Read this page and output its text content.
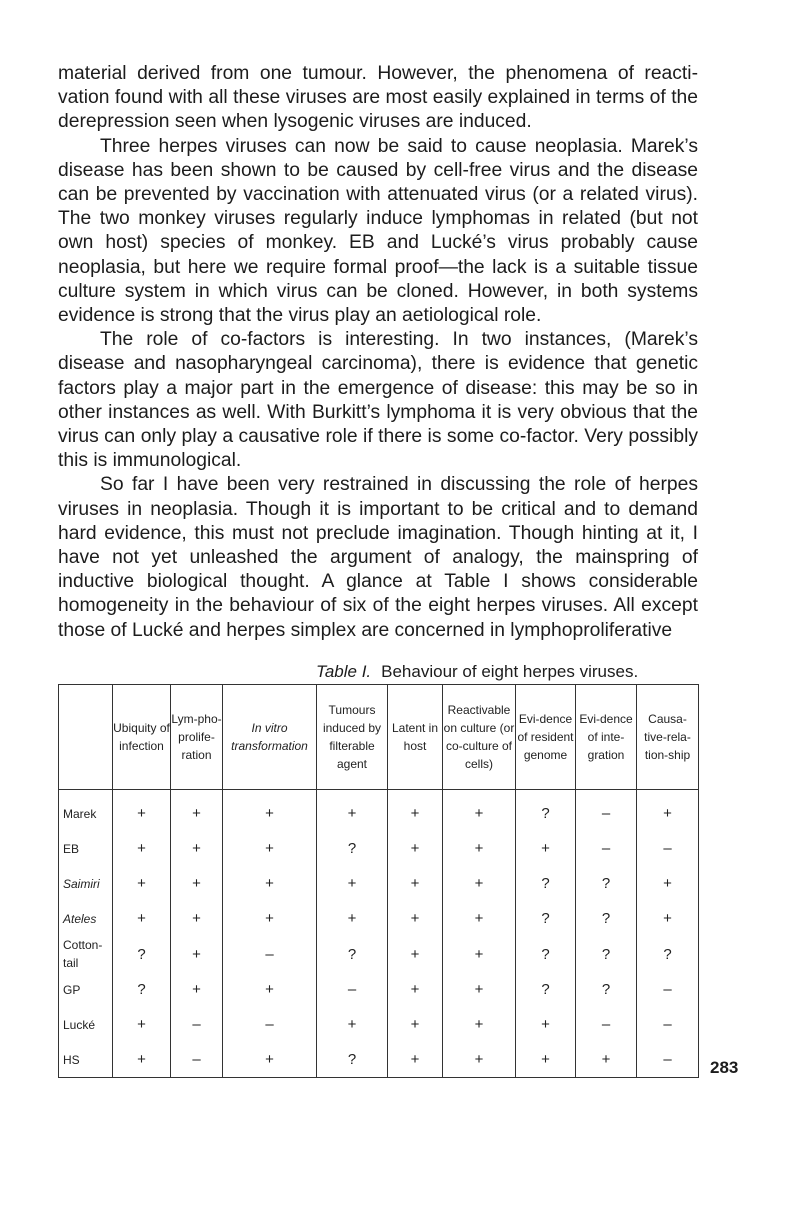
material derived from one tumour. However, the phenomena of reacti-vation found with all these viruses are most easily explained in terms of the derepression seen when lysogenic viruses are induced.

Three herpes viruses can now be said to cause neoplasia. Marek’s disease has been shown to be caused by cell-free virus and the disease can be prevented by vaccination with attenuated virus (or a related virus). The two monkey viruses regularly induce lymphomas in related (but not own host) species of monkey. EB and Lucké’s virus probably cause neoplasia, but here we require formal proof—the lack is a suitable tissue culture system in which virus can be cloned. However, in both systems evidence is strong that the virus play an aetiological role.

The role of co-factors is interesting. In two instances, (Marek’s disease and nasopharyngeal carcinoma), there is evidence that genetic factors play a major part in the emergence of disease: this may be so in other instances as well. With Burkitt’s lymphoma it is very obvious that the virus can only play a causative role if there is some co-factor. Very possibly this is immunological.

So far I have been very restrained in discussing the role of herpes viruses in neoplasia. Though it is important to be critical and to demand hard evidence, this must not preclude imagination. Though hinting at it, I have not yet unleashed the argument of analogy, the mainspring of inductive biological thought. A glance at Table I shows considerable homogeneity in the behaviour of six of the eight herpes viruses. All except those of Lucké and herpes simplex are concerned in lymphoproliferative

Table I. Behaviour of eight herpes viruses.
	Ubiquity of infection	Lym-pho-prolife-ration	In vitro transformation	Tumours induced by filterable agent	Latent in host	Reactivable on culture (or co-culture of cells)	Evi-dence of resident genome	Evi-dence of inte-gration	Causa-tive-rela-tion-ship
Marek	+	+	+	+	+	+	?	–	+
EB	+	+	+	?	+	+	+	–	–
Saimiri	+	+	+	+	+	+	?	?	+
Ateles	+	+	+	+	+	+	?	?	+
Cotton-tail	?	+	–	?	+	+	?	?	?
GP	?	+	+	–	+	+	?	?	–
Lucké	+	–	–	+	+	+	+	–	–
HS	+	–	+	?	+	+	+	+	– 283
